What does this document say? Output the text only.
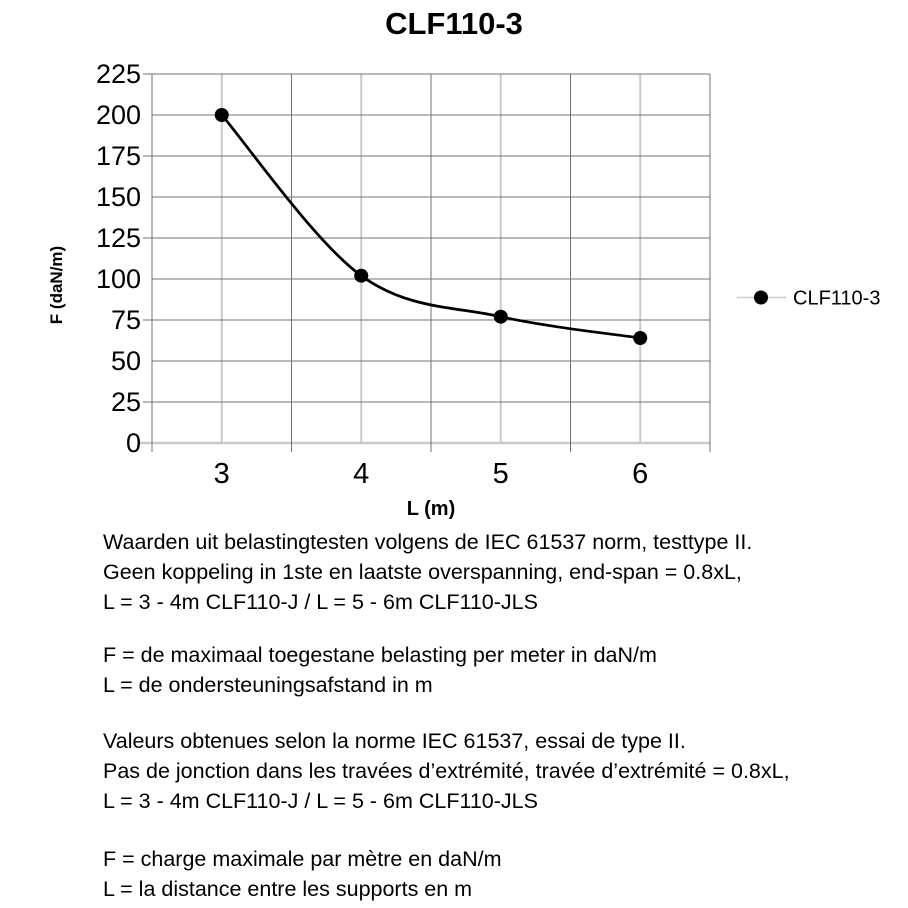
CLF110-3
0
25
50
75
100
125
150
175
200
225
3	4	5	6
CLF110-3
F (daN/m)
L (m)
Waarden uit belastingtesten volgens de IEC 61537 norm, testtype II.
Geen koppeling in 1ste en laatste overspanning, end-span = 0.8xL,
L = 3 - 4m CLF110-J / L = 5 - 6m CLF110-JLS
F = de maximaal toegestane belasting per meter in daN/m
L = de ondersteuningsafstand in m
Valeurs obtenues selon la norme IEC 61537, essai de type II.
Pas de jonction dans les travées d’extrémité, travée d’extrémité = 0.8xL,
L = 3 - 4m CLF110-J / L = 5 - 6m CLF110-JLS
F = charge maximale par mètre en daN/m
L = la distance entre les supports en m
